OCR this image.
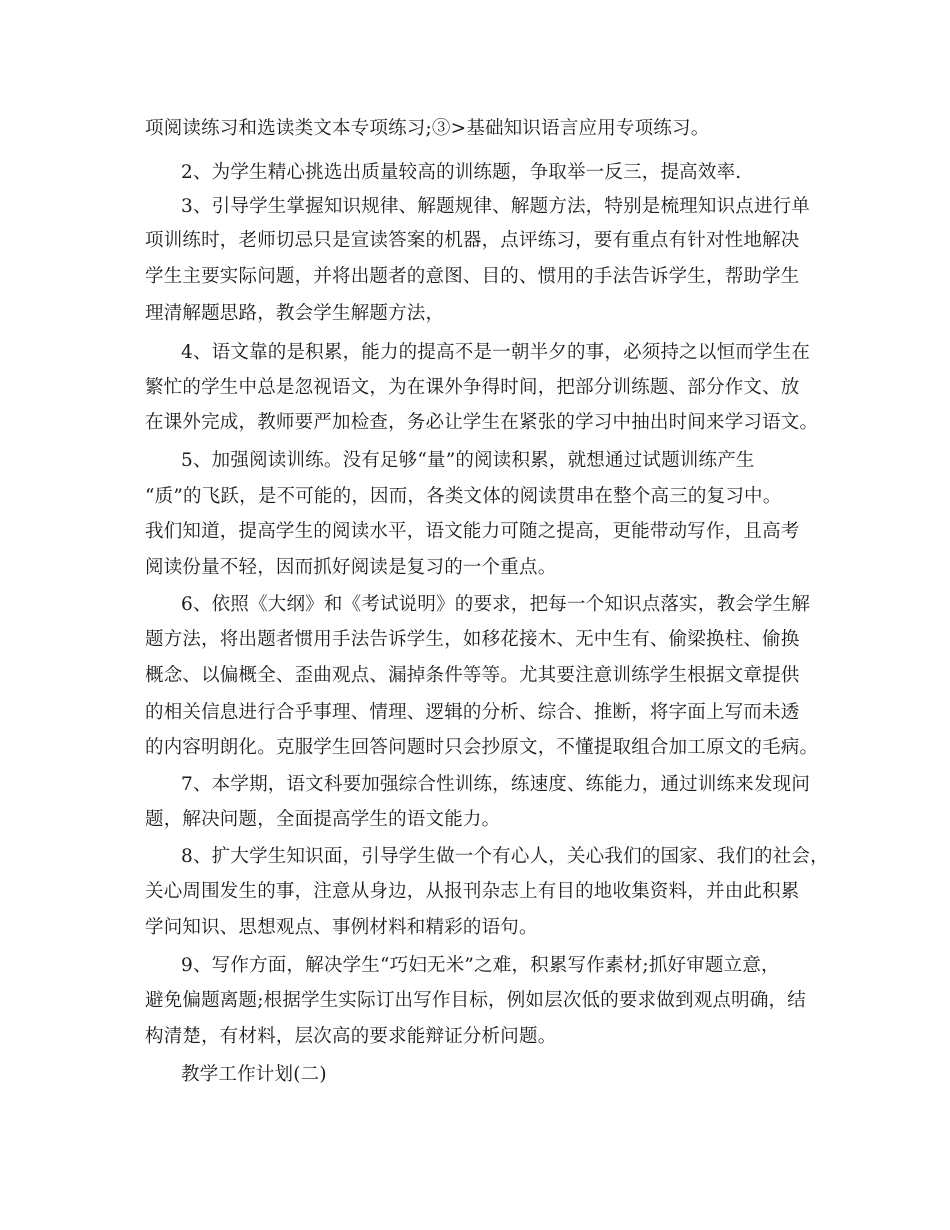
项阅读练习和选读类文本专项练习;③>基础知识语言应用专项练习。
2、为学生精心挑选出质量较高的训练题，争取举一反三，提高效率.
3、引导学生掌握知识规律、解题规律、解题方法，特别是梳理知识点进行单
项训练时，老师切忌只是宣读答案的机器，点评练习，要有重点有针对性地解决
学生主要实际问题，并将出题者的意图、目的、惯用的手法告诉学生，帮助学生
理清解题思路，教会学生解题方法，
4、语文靠的是积累，能力的提高不是一朝半夕的事，必须持之以恒而学生在
繁忙的学生中总是忽视语文，为在课外争得时间，把部分训练题、部分作文、放
在课外完成，教师要严加检查，务必让学生在紧张的学习中抽出时间来学习语文。
5、加强阅读训练。没有足够“量”的阅读积累，就想通过试题训练产生
“质”的飞跃，是不可能的，因而，各类文体的阅读贯串在整个高三的复习中。
我们知道，提高学生的阅读水平，语文能力可随之提高，更能带动写作，且高考
阅读份量不轻，因而抓好阅读是复习的一个重点。
6、依照《大纲》和《考试说明》的要求，把每一个知识点落实，教会学生解
题方法，将出题者惯用手法告诉学生，如移花接木、无中生有、偷梁换柱、偷换
概念、以偏概全、歪曲观点、漏掉条件等等。尤其要注意训练学生根据文章提供
的相关信息进行合乎事理、情理、逻辑的分析、综合、推断，将字面上写而未透
的内容明朗化。克服学生回答问题时只会抄原文，不懂提取组合加工原文的毛病。
7、本学期，语文科要加强综合性训练，练速度、练能力，通过训练来发现问
题，解决问题，全面提高学生的语文能力。
8、扩大学生知识面，引导学生做一个有心人，关心我们的国家、我们的社会，
关心周围发生的事，注意从身边，从报刊杂志上有目的地收集资料，并由此积累
学问知识、思想观点、事例材料和精彩的语句。
9、写作方面，解决学生“巧妇无米”之难，积累写作素材;抓好审题立意，
避免偏题离题;根据学生实际订出写作目标，例如层次低的要求做到观点明确，结
构清楚，有材料，层次高的要求能辩证分析问题。
教学工作计划(二)
